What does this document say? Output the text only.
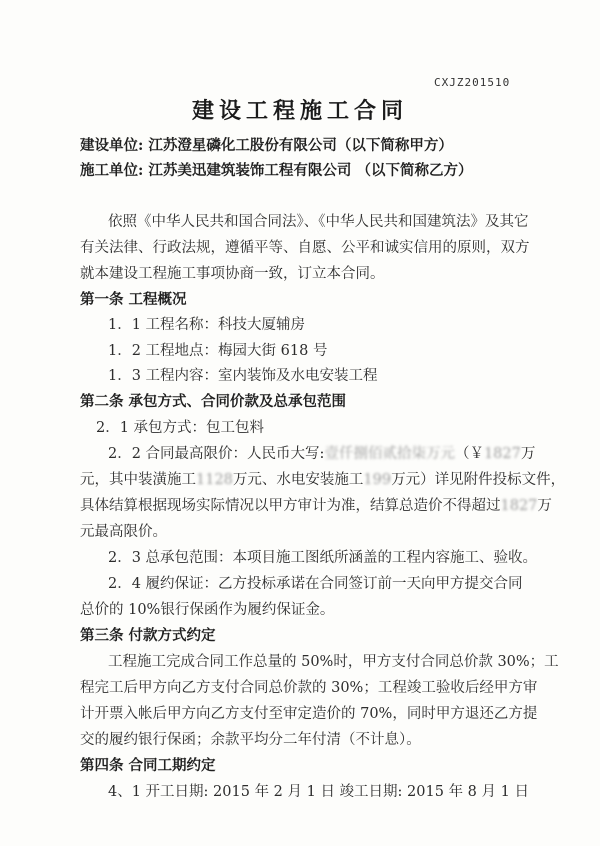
CXJZ201510
建设工程施工合同
建设单位: 江苏澄星磷化工股份有限公司（以下简称甲方）
施工单位: 江苏美迅建筑装饰工程有限公司 （以下简称乙方）
依照《中华人民共和国合同法》、《中华人民共和国建筑法》及其它
有关法律、行政法规，遵循平等、自愿、公平和诚实信用的原则，双方
就本建设工程施工事项协商一致，订立本合同。
第一条 工程概况
1．1 工程名称：科技大厦辅房
1．2 工程地点：梅园大街 618 号
1．3 工程内容：室内装饰及水电安装工程
第二条 承包方式、合同价款及总承包范围
2．1 承包方式：包工包料
2．2 合同最高限价：人民币大写:壹仟捌佰贰拾柒万元（￥1827万
元，其中装潢施工1128万元、水电安装施工199万元）详见附件投标文件，
具体结算根据现场实际情况以甲方审计为准，结算总造价不得超过1827万
元最高限价。
2．3 总承包范围：本项目施工图纸所涵盖的工程内容施工、验收。
2．4 履约保证：乙方投标承诺在合同签订前一天向甲方提交合同
总价的 10%银行保函作为履约保证金。
第三条 付款方式约定
工程施工完成合同工作总量的 50%时，甲方支付合同总价款 30%；工
程完工后甲方向乙方支付合同总价款的 30%；工程竣工验收后经甲方审
计开票入帐后甲方向乙方支付至审定造价的 70%，同时甲方退还乙方提
交的履约银行保函；余款平均分二年付清（不计息）。
第四条 合同工期约定
4、1 开工日期: 2015 年 2 月 1 日 竣工日期: 2015 年 8 月 1 日
